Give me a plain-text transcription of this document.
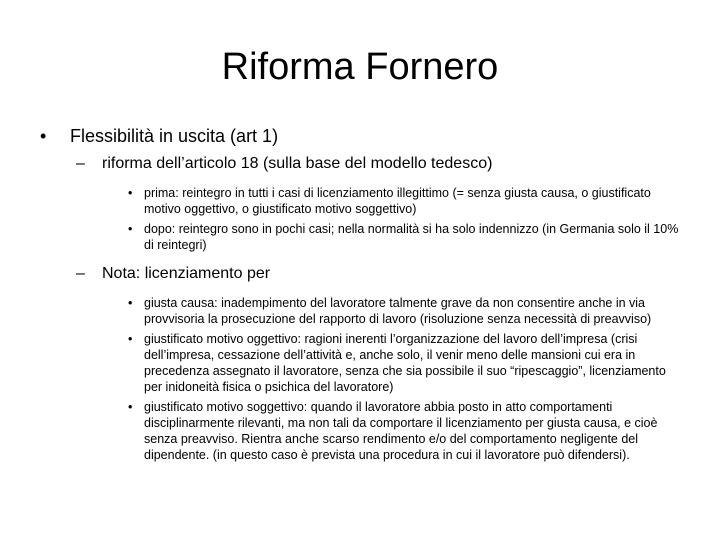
Riforma Fornero
• Flessibilità in uscita (art 1)
– riforma dell’articolo 18 (sulla base del modello tedesco)
• prima: reintegro in tutti i casi di licenziamento illegittimo (= senza giusta causa, o giustificato motivo oggettivo, o giustificato motivo soggettivo)
• dopo: reintegro sono in pochi casi; nella normalità si ha solo indennizzo (in Germania solo il 10% di reintegri)
– Nota: licenziamento per
• giusta causa: inadempimento del lavoratore talmente grave da non consentire anche in via provvisoria la prosecuzione del rapporto di lavoro (risoluzione senza necessità di preavviso)
• giustificato motivo oggettivo: ragioni inerenti l’organizzazione del lavoro dell’impresa (crisi dell’impresa, cessazione dell’attività e, anche solo, il venir meno delle mansioni cui era in precedenza assegnato il lavoratore, senza che sia possibile il suo “ripescaggio”, licenziamento per inidoneità fisica o psichica del lavoratore)
• giustificato motivo soggettivo: quando il lavoratore abbia posto in atto comportamenti disciplinarmente rilevanti, ma non tali da comportare il licenziamento per giusta causa, e cioè senza preavviso. Rientra anche scarso rendimento e/o del comportamento negligente del dipendente. (in questo caso è prevista una procedura in cui il lavoratore può difendersi).
